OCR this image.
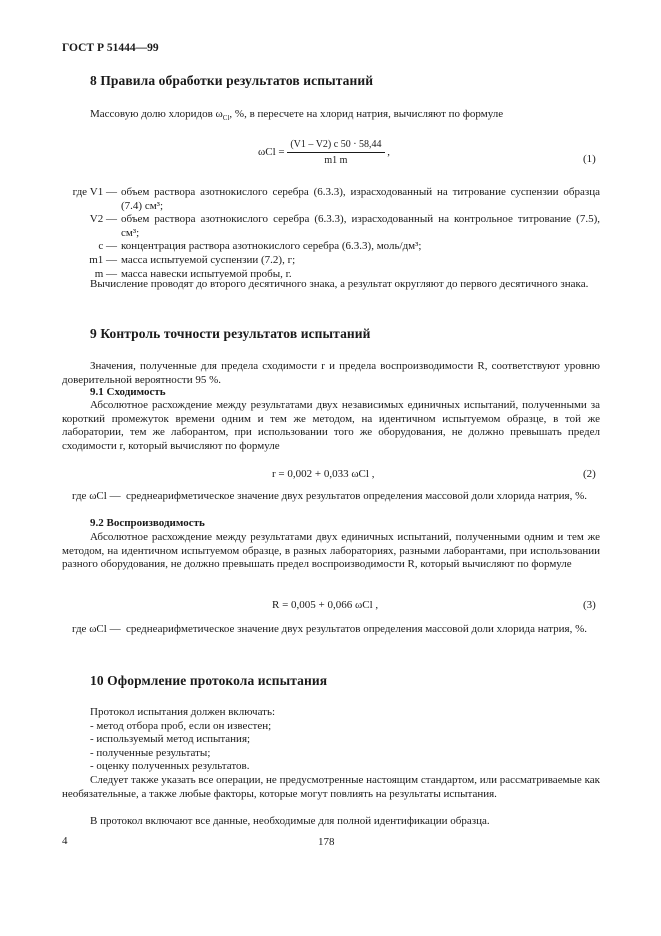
ГОСТ Р 51444—99
8 Правила обработки результатов испытаний
Массовую долю хлоридов $\omega_{Cl}$, %, в пересчете на хлорид натрия, вычисляют по формуле
$\omega Cl = \frac{(V1 - V2) c 50 \cdot 58,44}{m1 m}$ ,
(1)
где V1 — объем раствора азотнокислого серебра (6.3.3), израсходованный на титрование суспензии образца (7.4) см³;
V2 — объем раствора азотнокислого серебра (6.3.3), израсходованный на контрольное титрование (7.5), см³;
c — концентрация раствора азотнокислого серебра (6.3.3), моль/дм³;
m1 — масса испытуемой суспензии (7.2), г;
m — масса навески испытуемой пробы, г.
Вычисление проводят до второго десятичного знака, а результат округляют до первого десятичного знака.
9 Контроль точности результатов испытаний
Значения, полученные для предела сходимости r и предела воспроизводимости R, соответствуют уровню доверительной вероятности 95 %.
9.1 Сходимость
Абсолютное расхождение между результатами двух независимых единичных испытаний, полученными за короткий промежуток времени одним и тем же методом, на идентичном испытуемом образце, в той же лаборатории, тем же лаборантом, при использовании того же оборудования, не должно превышать предел сходимости r, который вычисляют по формуле
r = 0,002 + 0,033 ωCl ,	(2)
где ωCl — среднеарифметическое значение двух результатов определения массовой доли хлорида натрия, %.
9.2 Воспроизводимость
Абсолютное расхождение между результатами двух единичных испытаний, полученными одним и тем же методом, на идентичном испытуемом образце, в разных лабораториях, разными лаборантами, при использовании разного оборудования, не должно превышать предел воспроизводимости R, который вычисляют по формуле
R = 0,005 + 0,066 ωCl ,	(3)
где ωCl — среднеарифметическое значение двух результатов определения массовой доли хлорида натрия, %.
10 Оформление протокола испытания
Протокол испытания должен включать:
- метод отбора проб, если он известен;
- используемый метод испытания;
- полученные результаты;
- оценку полученных результатов.
Следует также указать все операции, не предусмотренные настоящим стандартом, или рассматриваемые как необязательные, а также любые факторы, которые могут повлиять на результаты испытания.
В протокол включают все данные, необходимые для полной идентификации образца.
4	178
